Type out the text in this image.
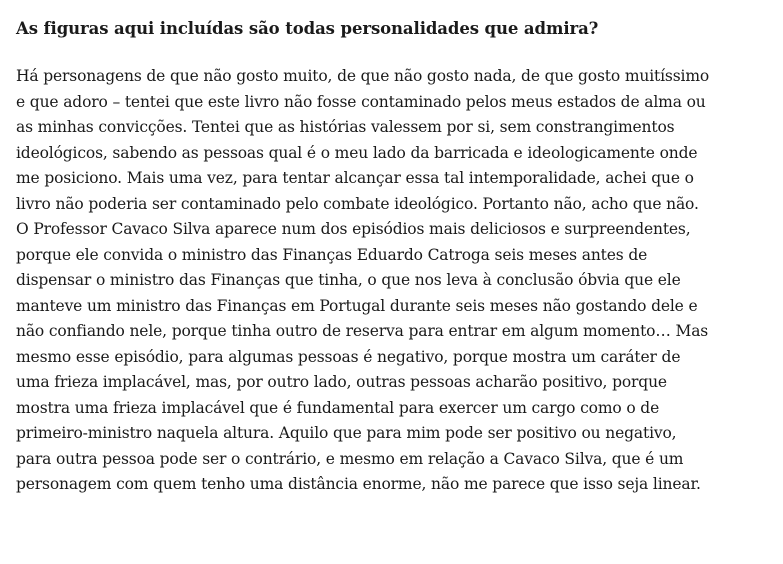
As figuras aqui incluídas são todas personalidades que admira?

Há personagens de que não gosto muito, de que não gosto nada, de que gosto muitíssimo
e que adoro – tentei que este livro não fosse contaminado pelos meus estados de alma ou
as minhas convicções. Tentei que as histórias valessem por si, sem constrangimentos
ideológicos, sabendo as pessoas qual é o meu lado da barricada e ideologicamente onde
me posiciono. Mais uma vez, para tentar alcançar essa tal intemporalidade, achei que o
livro não poderia ser contaminado pelo combate ideológico. Portanto não, acho que não.
O Professor Cavaco Silva aparece num dos episódios mais deliciosos e surpreendentes,
porque ele convida o ministro das Finanças Eduardo Catroga seis meses antes de
dispensar o ministro das Finanças que tinha, o que nos leva à conclusão óbvia que ele
manteve um ministro das Finanças em Portugal durante seis meses não gostando dele e
não confiando nele, porque tinha outro de reserva para entrar em algum momento… Mas
mesmo esse episódio, para algumas pessoas é negativo, porque mostra um caráter de
uma frieza implacável, mas, por outro lado, outras pessoas acharão positivo, porque
mostra uma frieza implacável que é fundamental para exercer um cargo como o de
primeiro-ministro naquela altura. Aquilo que para mim pode ser positivo ou negativo,
para outra pessoa pode ser o contrário, e mesmo em relação a Cavaco Silva, que é um
personagem com quem tenho uma distância enorme, não me parece que isso seja linear.
